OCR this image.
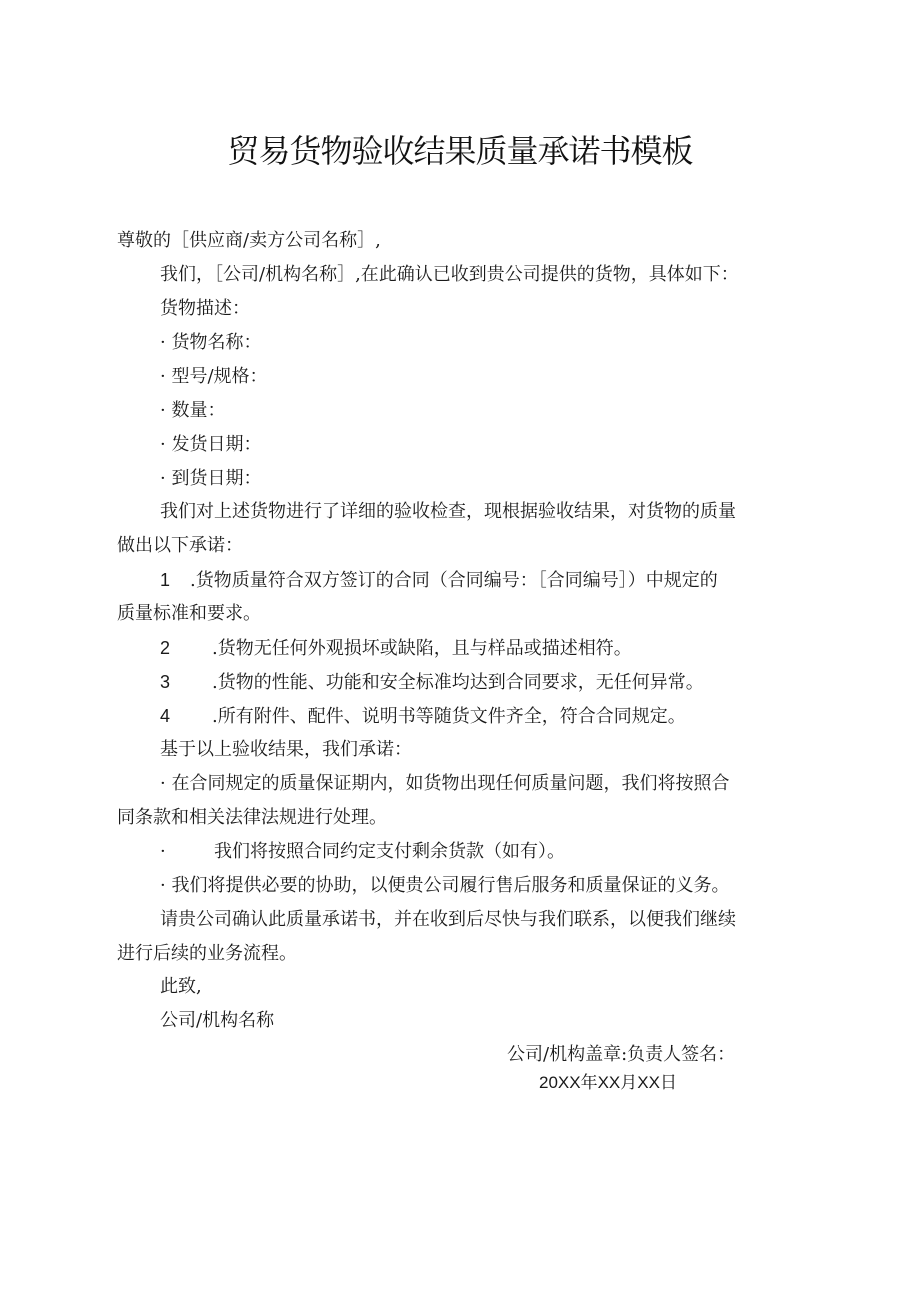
贸易货物验收结果质量承诺书模板
尊敬的［供应商/卖方公司名称］,
我们，［公司/机构名称］,在此确认已收到贵公司提供的货物，具体如下：
货物描述：
· 货物名称：
· 型号/规格：
· 数量：
· 发货日期：
· 到货日期：
我们对上述货物进行了详细的验收检查，现根据验收结果，对货物的质量
做出以下承诺：
1 .货物质量符合双方签订的合同（合同编号：［合同编号］）中规定的
质量标准和要求。
2 .货物无任何外观损坏或缺陷，且与样品或描述相符。
3 .货物的性能、功能和安全标准均达到合同要求，无任何异常。
4 .所有附件、配件、说明书等随货文件齐全，符合合同规定。
基于以上验收结果，我们承诺：
· 在合同规定的质量保证期内，如货物出现任何质量问题，我们将按照合
同条款和相关法律法规进行处理。
·	我们将按照合同约定支付剩余货款（如有）。
· 我们将提供必要的协助，以便贵公司履行售后服务和质量保证的义务。
请贵公司确认此质量承诺书，并在收到后尽快与我们联系，以便我们继续
进行后续的业务流程。
此致,
公司/机构名称
公司/机构盖章:负责人签名：
20XX年XX月XX日
